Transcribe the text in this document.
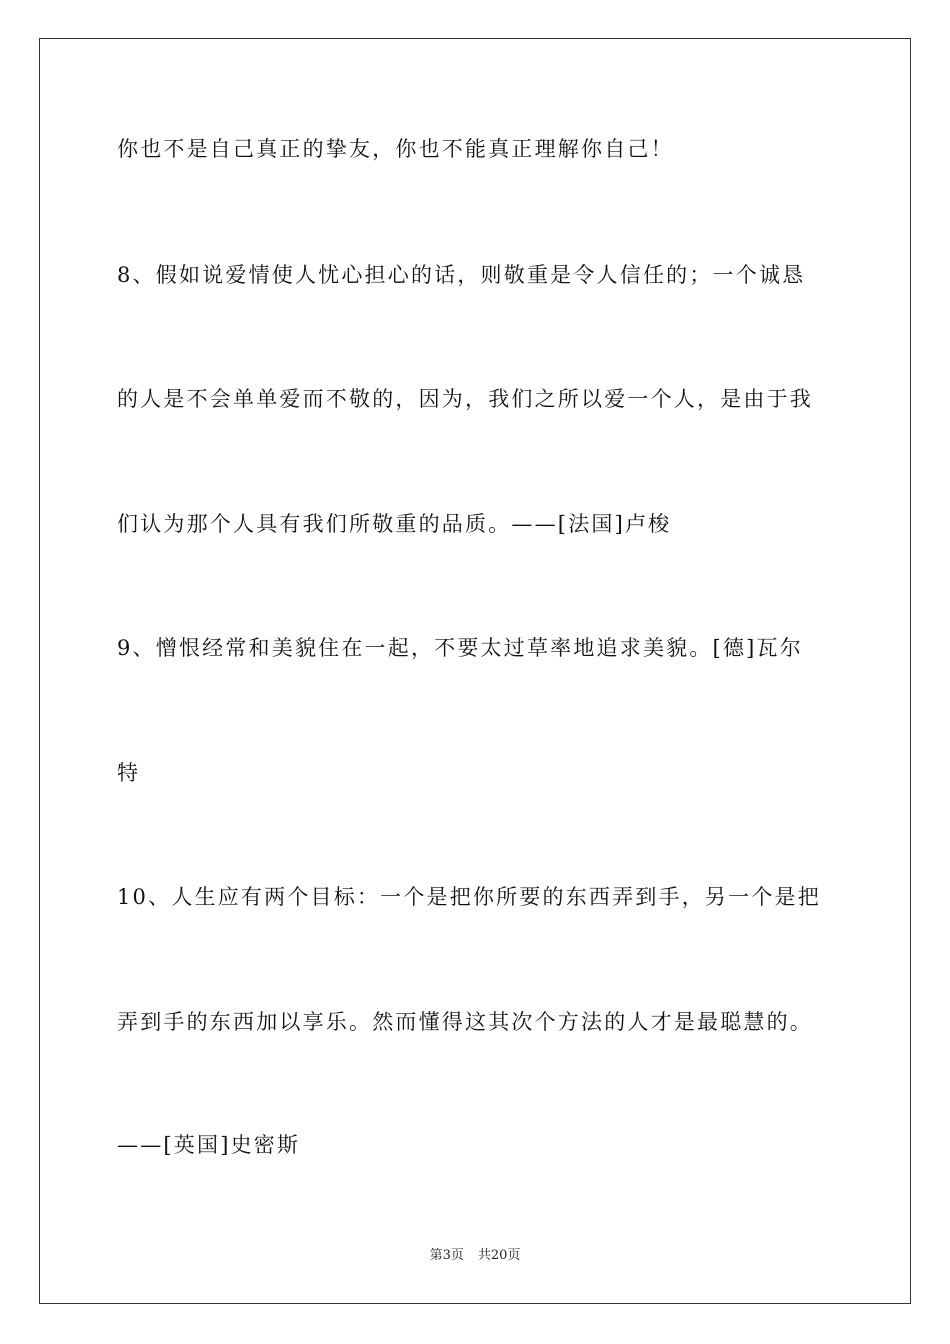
你也不是自己真正的挚友，你也不能真正理解你自己！
8、假如说爱情使人忧心担心的话，则敬重是令人信任的；一个诚恳
的人是不会单单爱而不敬的，因为，我们之所以爱一个人，是由于我
们认为那个人具有我们所敬重的品质。——[法国]卢梭
9、憎恨经常和美貌住在一起，不要太过草率地追求美貌。[德]瓦尔
特
10、人生应有两个目标：一个是把你所要的东西弄到手，另一个是把
弄到手的东西加以享乐。然而懂得这其次个方法的人才是最聪慧的。
——[英国]史密斯
第3页 共20页
